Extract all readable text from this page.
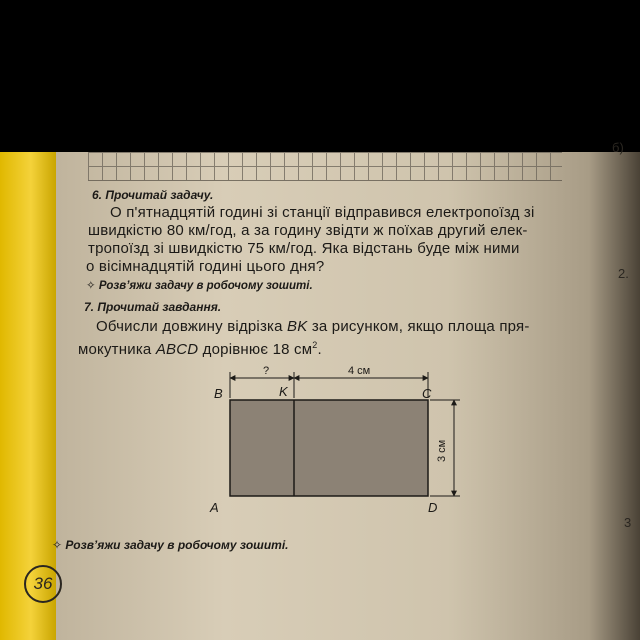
б)
2.
3
6. Прочитай задачу.
О п'ятнадцятій годині зі станції відправився електропоїзд зі
швидкістю 80 км/год, а за годину звідти ж поїхав другий елек-
тропоїзд зі швидкістю 75 км/год. Яка відстань буде між ними
о вісімнадцятій годині цього дня?
✧ Розв’яжи задачу в робочому зошиті.
7. Прочитай завдання.
Обчисли довжину відрізка BK за рисунком, якщо площа пря-
мокутника ABCD дорівнює 18 $см^2$.
?	4 см
3 см
B	K	C
A	D
✧ Розв’яжи задачу в робочому зошиті.
36
